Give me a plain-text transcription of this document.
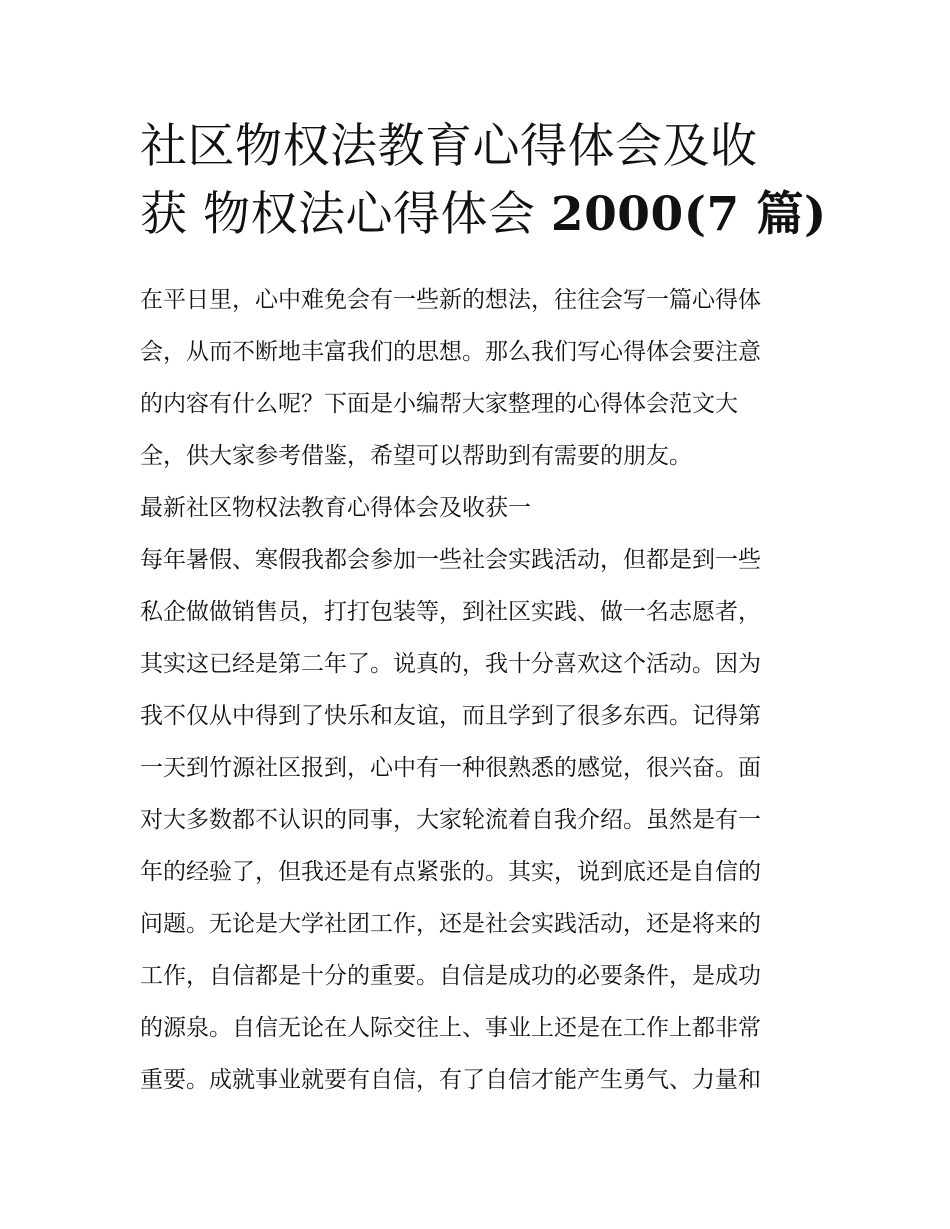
社区物权法教育心得体会及收
获 物权法心得体会 2000(7 篇)
在平日里，心中难免会有一些新的想法，往往会写一篇心得体
会，从而不断地丰富我们的思想。那么我们写心得体会要注意
的内容有什么呢？下面是小编帮大家整理的心得体会范文大
全，供大家参考借鉴，希望可以帮助到有需要的朋友。
最新社区物权法教育心得体会及收获一
每年暑假、寒假我都会参加一些社会实践活动，但都是到一些
私企做做销售员，打打包装等，到社区实践、做一名志愿者，
其实这已经是第二年了。说真的，我十分喜欢这个活动。因为
我不仅从中得到了快乐和友谊，而且学到了很多东西。记得第
一天到竹源社区报到，心中有一种很熟悉的感觉，很兴奋。面
对大多数都不认识的同事，大家轮流着自我介绍。虽然是有一
年的经验了，但我还是有点紧张的。其实，说到底还是自信的
问题。无论是大学社团工作，还是社会实践活动，还是将来的
工作，自信都是十分的重要。自信是成功的必要条件，是成功
的源泉。自信无论在人际交往上、事业上还是在工作上都非常
重要。成就事业就要有自信，有了自信才能产生勇气、力量和
